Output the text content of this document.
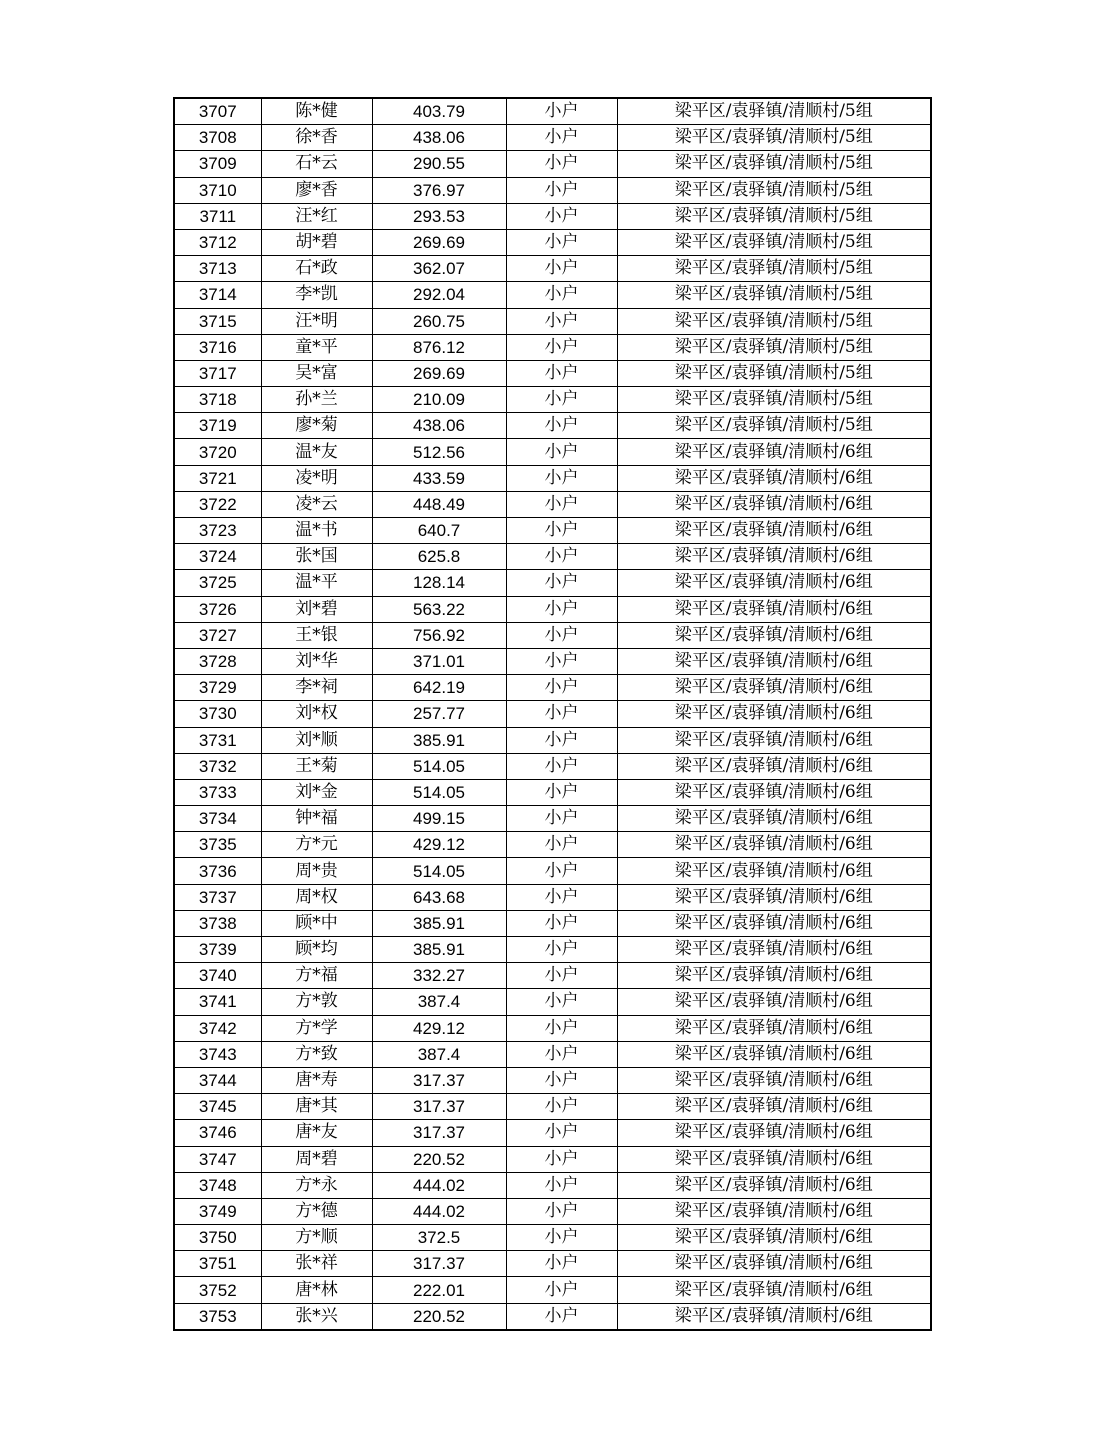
3707	陈*健	403.79	小户	梁平区/袁驿镇/清顺村/5组
3708	徐*香	438.06	小户	梁平区/袁驿镇/清顺村/5组
3709	石*云	290.55	小户	梁平区/袁驿镇/清顺村/5组
3710	廖*香	376.97	小户	梁平区/袁驿镇/清顺村/5组
3711	汪*红	293.53	小户	梁平区/袁驿镇/清顺村/5组
3712	胡*碧	269.69	小户	梁平区/袁驿镇/清顺村/5组
3713	石*政	362.07	小户	梁平区/袁驿镇/清顺村/5组
3714	李*凯	292.04	小户	梁平区/袁驿镇/清顺村/5组
3715	汪*明	260.75	小户	梁平区/袁驿镇/清顺村/5组
3716	童*平	876.12	小户	梁平区/袁驿镇/清顺村/5组
3717	吴*富	269.69	小户	梁平区/袁驿镇/清顺村/5组
3718	孙*兰	210.09	小户	梁平区/袁驿镇/清顺村/5组
3719	廖*菊	438.06	小户	梁平区/袁驿镇/清顺村/5组
3720	温*友	512.56	小户	梁平区/袁驿镇/清顺村/6组
3721	凌*明	433.59	小户	梁平区/袁驿镇/清顺村/6组
3722	凌*云	448.49	小户	梁平区/袁驿镇/清顺村/6组
3723	温*书	640.7	小户	梁平区/袁驿镇/清顺村/6组
3724	张*国	625.8	小户	梁平区/袁驿镇/清顺村/6组
3725	温*平	128.14	小户	梁平区/袁驿镇/清顺村/6组
3726	刘*碧	563.22	小户	梁平区/袁驿镇/清顺村/6组
3727	王*银	756.92	小户	梁平区/袁驿镇/清顺村/6组
3728	刘*华	371.01	小户	梁平区/袁驿镇/清顺村/6组
3729	李*祠	642.19	小户	梁平区/袁驿镇/清顺村/6组
3730	刘*权	257.77	小户	梁平区/袁驿镇/清顺村/6组
3731	刘*顺	385.91	小户	梁平区/袁驿镇/清顺村/6组
3732	王*菊	514.05	小户	梁平区/袁驿镇/清顺村/6组
3733	刘*金	514.05	小户	梁平区/袁驿镇/清顺村/6组
3734	钟*福	499.15	小户	梁平区/袁驿镇/清顺村/6组
3735	方*元	429.12	小户	梁平区/袁驿镇/清顺村/6组
3736	周*贵	514.05	小户	梁平区/袁驿镇/清顺村/6组
3737	周*权	643.68	小户	梁平区/袁驿镇/清顺村/6组
3738	顾*中	385.91	小户	梁平区/袁驿镇/清顺村/6组
3739	顾*均	385.91	小户	梁平区/袁驿镇/清顺村/6组
3740	方*福	332.27	小户	梁平区/袁驿镇/清顺村/6组
3741	方*敦	387.4	小户	梁平区/袁驿镇/清顺村/6组
3742	方*学	429.12	小户	梁平区/袁驿镇/清顺村/6组
3743	方*致	387.4	小户	梁平区/袁驿镇/清顺村/6组
3744	唐*寿	317.37	小户	梁平区/袁驿镇/清顺村/6组
3745	唐*其	317.37	小户	梁平区/袁驿镇/清顺村/6组
3746	唐*友	317.37	小户	梁平区/袁驿镇/清顺村/6组
3747	周*碧	220.52	小户	梁平区/袁驿镇/清顺村/6组
3748	方*永	444.02	小户	梁平区/袁驿镇/清顺村/6组
3749	方*德	444.02	小户	梁平区/袁驿镇/清顺村/6组
3750	方*顺	372.5	小户	梁平区/袁驿镇/清顺村/6组
3751	张*祥	317.37	小户	梁平区/袁驿镇/清顺村/6组
3752	唐*林	222.01	小户	梁平区/袁驿镇/清顺村/6组
3753	张*兴	220.52	小户	梁平区/袁驿镇/清顺村/6组
